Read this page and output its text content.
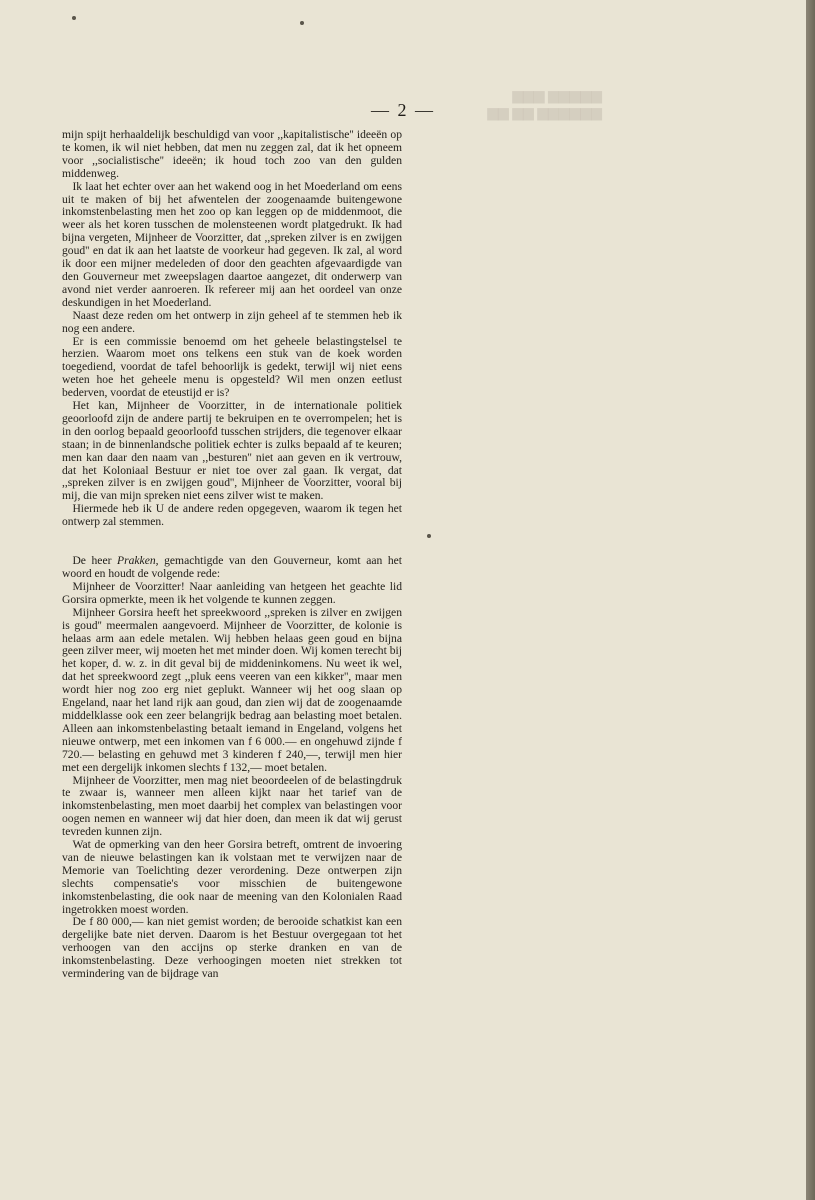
▆▆▆▆▆ ▆▆▆
▆▆▆▆▆▆ ▆▆ ▆▆
— 2 —

mijn spijt herhaaldelijk beschuldigd van voor ,,kapitalistische'' ideeën op te komen, ik wil niet hebben, dat men nu zeggen zal, dat ik het opneem voor ,,socialistische'' ideeën; ik houd toch zoo van den gulden middenweg.

Ik laat het echter over aan het wakend oog in het Moederland om eens uit te maken of bij het afwentelen der zoogenaamde buitengewone inkomstenbelasting men het zoo op kan leggen op de middenmoot, die weer als het koren tusschen de molensteenen wordt platgedrukt. Ik had bijna vergeten, Mijnheer de Voorzitter, dat ,,spreken zilver is en zwijgen goud'' en dat ik aan het laatste de voorkeur had gegeven. Ik zal, al word ik door een mijner medeleden of door den geachten afgevaardigde van den Gouverneur met zweepslagen daartoe aangezet, dit onderwerp van avond niet verder aanroeren. Ik refereer mij aan het oordeel van onze deskundigen in het Moederland.

Naast deze reden om het ontwerp in zijn geheel af te stemmen heb ik nog een andere.

Er is een commissie benoemd om het geheele belastingstelsel te herzien. Waarom moet ons telkens een stuk van de koek worden toegediend, voordat de tafel behoorlijk is gedekt, terwijl wij niet eens weten hoe het geheele menu is opgesteld? Wil men onzen eetlust bederven, voordat de eteustijd er is?

Het kan, Mijnheer de Voorzitter, in de internationale politiek geoorloofd zijn de andere partij te bekruipen en te overrompelen; het is in den oorlog bepaald geoorloofd tusschen strijders, die tegenover elkaar staan; in de binnenlandsche politiek echter is zulks bepaald af te keuren; men kan daar den naam van ,,besturen'' niet aan geven en ik vertrouw, dat het Koloniaal Bestuur er niet toe over zal gaan. Ik vergat, dat ,,spreken zilver is en zwijgen goud'', Mijnheer de Voorzitter, vooral bij mij, die van mijn spreken niet eens zilver wist te maken.

Hiermede heb ik U de andere reden opgegeven, waarom ik tegen het ontwerp zal stemmen.

De heer Prakken, gemachtigde van den Gouverneur, komt aan het woord en houdt de volgende rede:

Mijnheer de Voorzitter! Naar aanleiding van hetgeen het geachte lid Gorsira opmerkte, meen ik het volgende te kunnen zeggen.

Mijnheer Gorsira heeft het spreekwoord ,,spreken is zilver en zwijgen is goud'' meermalen aangevoerd. Mijnheer de Voorzitter, de kolonie is helaas arm aan edele metalen. Wij hebben helaas geen goud en bijna geen zilver meer, wij moeten het met minder doen. Wij komen terecht bij het koper, d. w. z. in dit geval bij de middeninkomens. Nu weet ik wel, dat het spreekwoord zegt ,,pluk eens veeren van een kikker'', maar men wordt hier nog zoo erg niet geplukt. Wanneer wij het oog slaan op Engeland, naar het land rijk aan goud, dan zien wij dat de zoogenaamde middelklasse ook een zeer belangrijk bedrag aan belasting moet betalen. Alleen aan inkomstenbelasting betaalt iemand in Engeland, volgens het nieuwe ontwerp, met een inkomen van f 6 000.— en ongehuwd zijnde f 720.— belasting en gehuwd met 3 kinderen f 240,—, terwijl men hier met een dergelijk inkomen slechts f 132,— moet betalen.

Mijnheer de Voorzitter, men mag niet beoordeelen of de belastingdruk te zwaar is, wanneer men alleen kijkt naar het tarief van de inkomstenbelasting, men moet daarbij het complex van belastingen voor oogen nemen en wanneer wij dat hier doen, dan meen ik dat wij gerust tevreden kunnen zijn.

Wat de opmerking van den heer Gorsira betreft, omtrent de invoering van de nieuwe belastingen kan ik volstaan met te verwijzen naar de Memorie van Toelichting dezer verordening. Deze ontwerpen zijn slechts compensatie's voor misschien de buitengewone inkomstenbelasting, die ook naar de meening van den Kolonialen Raad ingetrokken moest worden.

De f 80 000,— kan niet gemist worden; de berooide schatkist kan een dergelijke bate niet derven. Daarom is het Bestuur overgegaan tot het verhoogen van den accijns op sterke dranken en van de inkomstenbelasting. Deze verhoogingen moeten niet strekken tot vermindering van de bijdrage van
